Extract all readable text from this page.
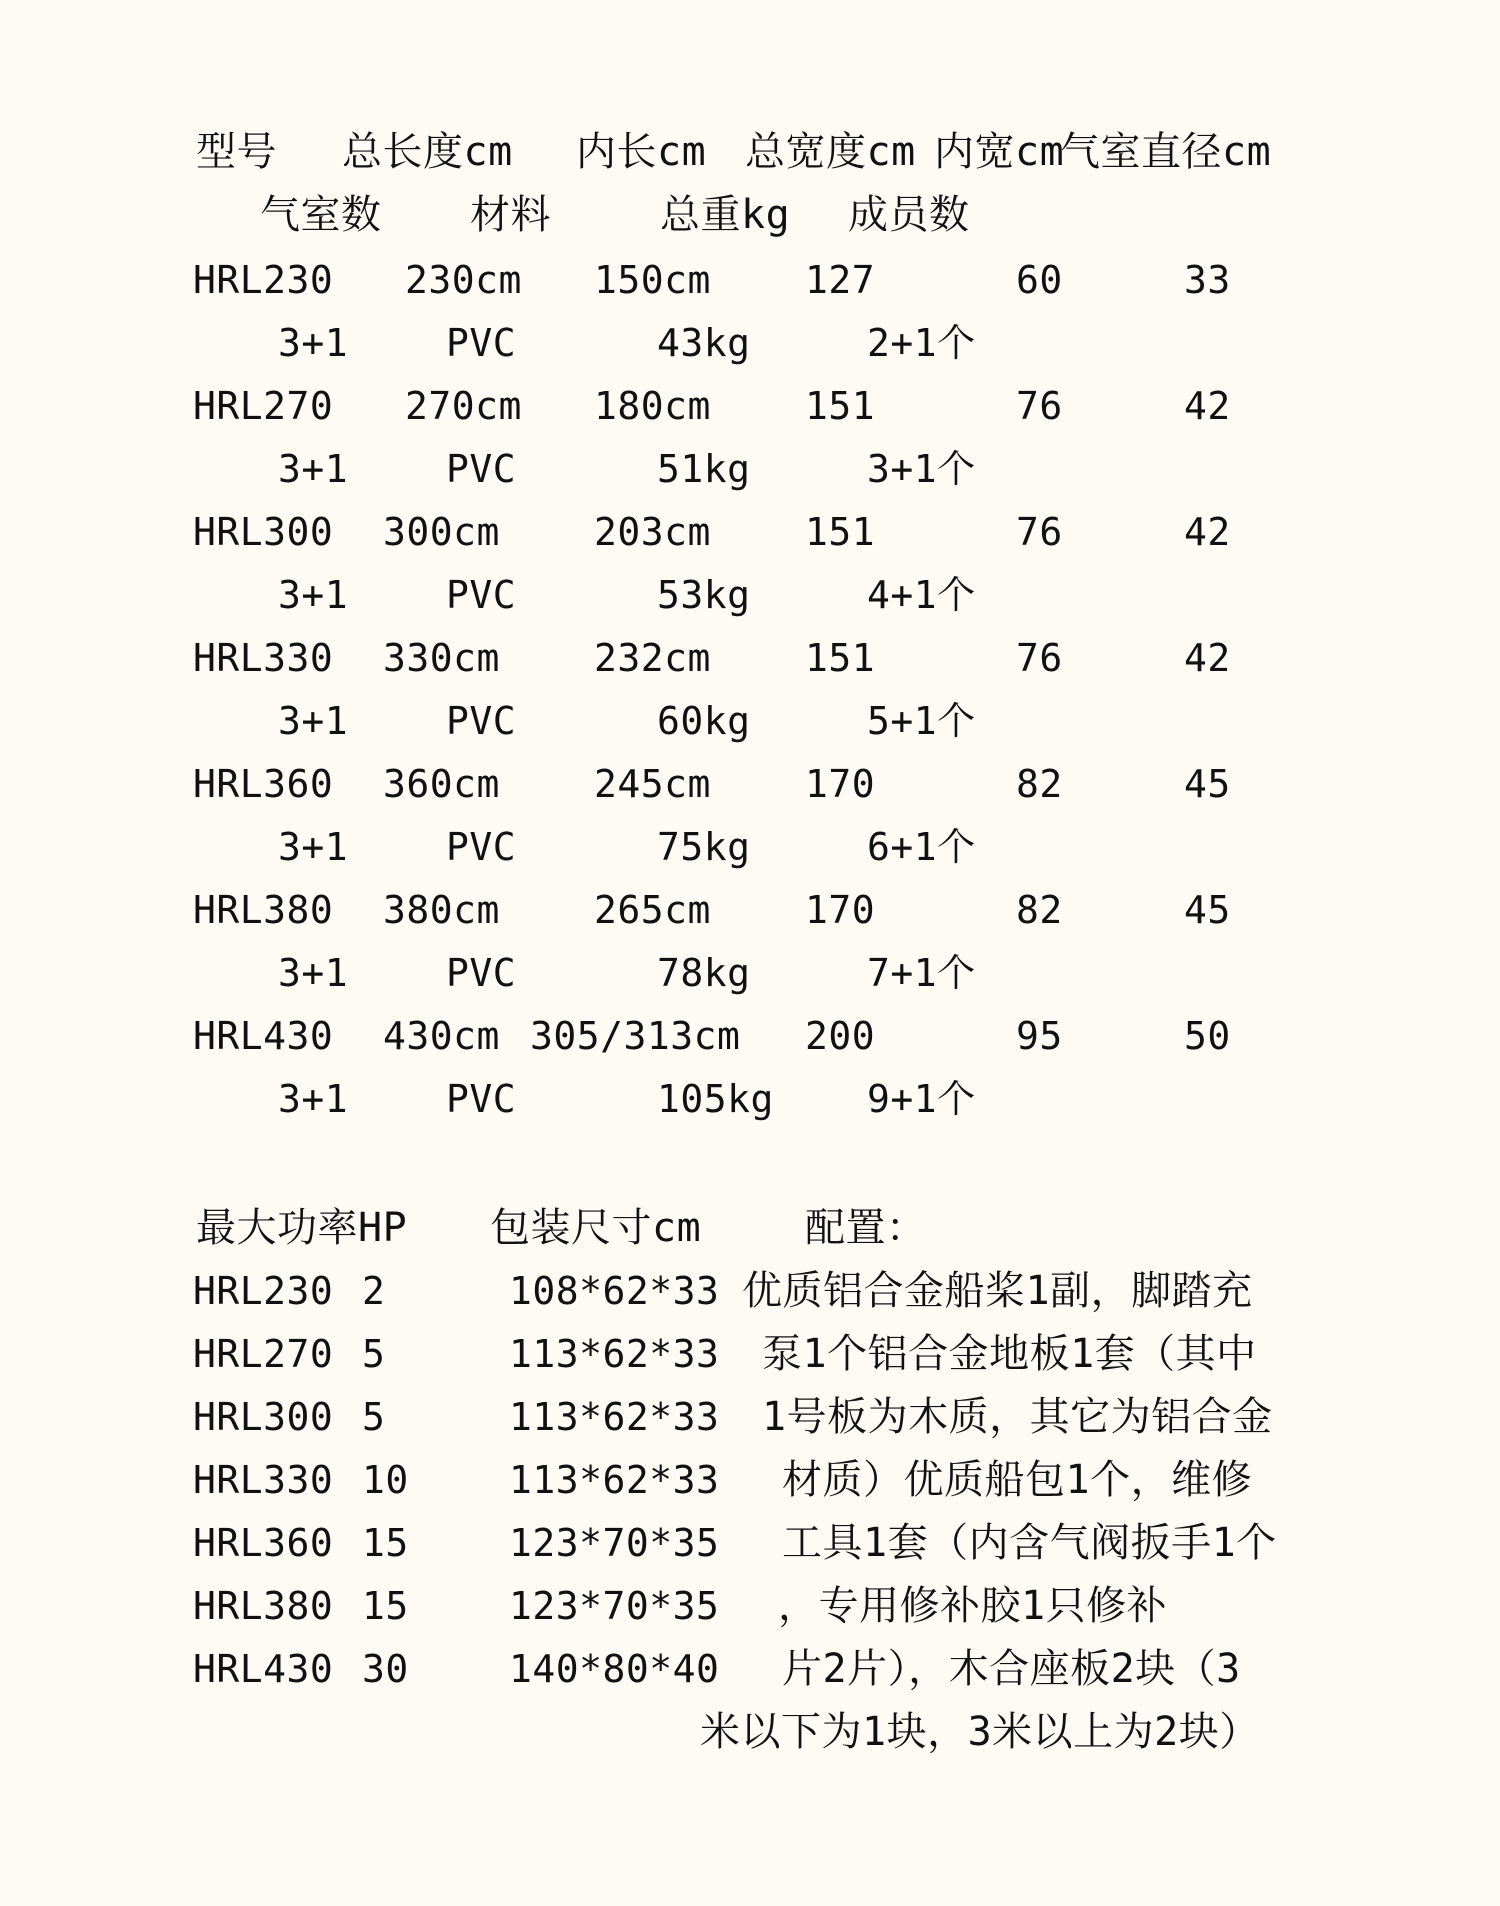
型号 总长度cm 内长cm 总宽度cm 内宽cm
气室直径cm
气室数 材料	总重kg 成员数
HRL230 230cm 150cm 127	60	33
3+1	PVC	43kg	2+1个
HRL270 270cm 180cm 151	76	42
3+1	PVC	51kg	3+1个
HRL300 300cm 203cm 151	76	42
3+1	PVC	53kg	4+1个
HRL330 330cm 232cm 151	76	42
3+1	PVC	60kg	5+1个
HRL360 360cm 245cm 170	82	45
3+1	PVC	75kg	6+1个
HRL380 380cm 265cm 170	82	45
3+1	PVC	78kg	7+1个
HRL430 430cm 305/313cm 200	95	50
3+1	PVC	105kg 9+1个
最大功率HP 包装尺寸cm	配置：
HRL230 2	108*62*33
HRL270 5	113*62*33
HRL300 5	113*62*33
HRL330 10	113*62*33
HRL360 15	123*70*35
HRL380 15	123*70*35
HRL430 30	140*80*40
优质铝合金船桨1副，脚踏充
泵1个铝合金地板1套（其中
1号板为木质，其它为铝合金
材质）优质船包1个，维修
工具1套（内含气阀扳手1个
，专用修补胶1只修补
片2片），木合座板2块（3
米以下为1块，3米以上为2块）
